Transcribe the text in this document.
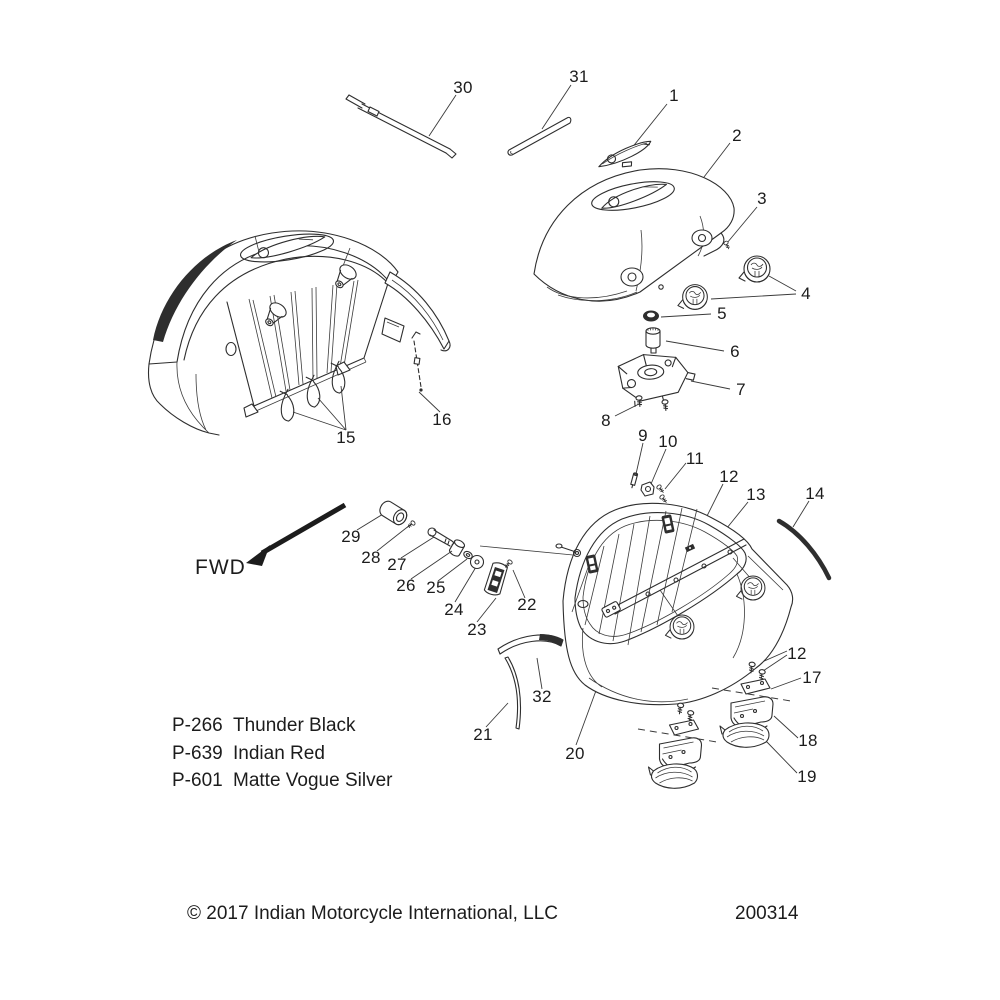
1
2
3
4
5
6
7
8
9 10
11
12
13 14
15
16
17
18
19
20
21
22
23
24
25
26
27
28
29
30
31
32
12
FWD
P-266 Thunder Black
P-639 Indian Red
P-601 Matte Vogue Silver
© 2017 Indian Motorcycle International, LLC	200314
